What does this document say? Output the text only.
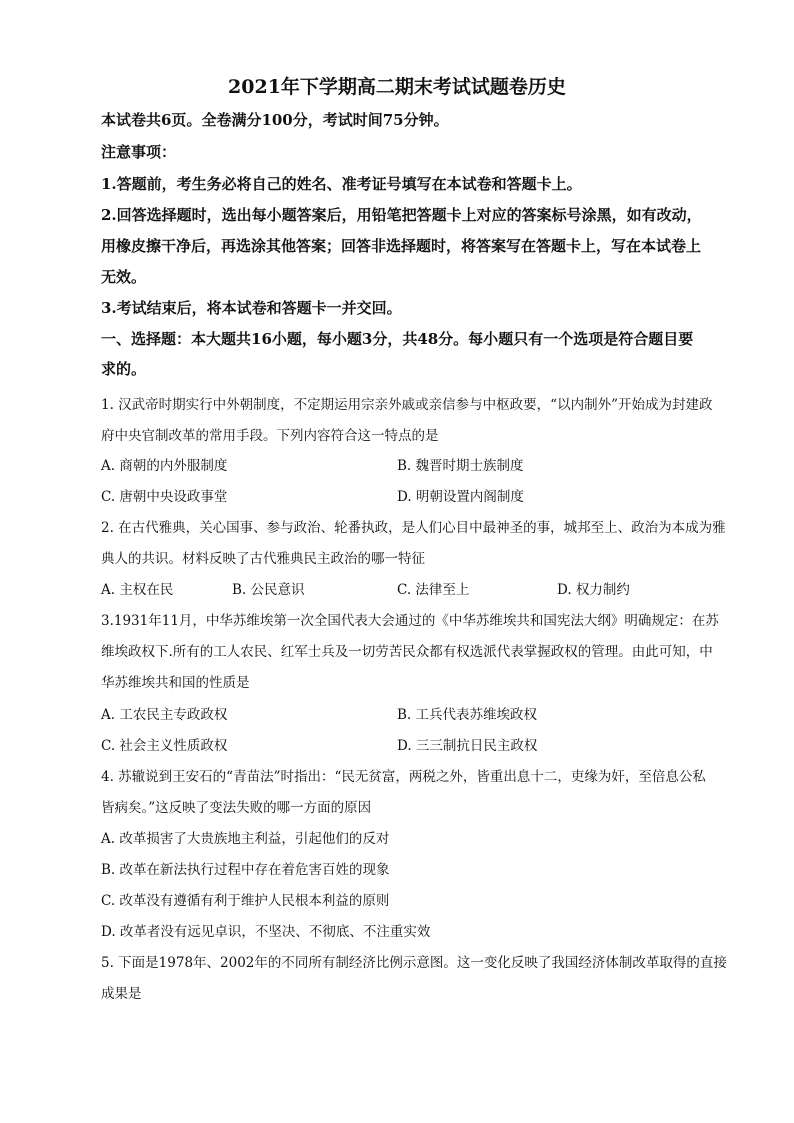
2021年下学期高二期末考试试题卷历史
本试卷共6页。全卷满分100分，考试时间75分钟。
注意事项：
1.答题前，考生务必将自己的姓名、准考证号填写在本试卷和答题卡上。
2.回答选择题时，选出每小题答案后，用铅笔把答题卡上对应的答案标号涂黑，如有改动，
用橡皮擦干净后，再选涂其他答案；回答非选择题时，将答案写在答题卡上，写在本试卷上
无效。
3.考试结束后，将本试卷和答题卡一并交回。
一、选择题：本大题共16小题，每小题3分，共48分。每小题只有一个选项是符合题目要
求的。
1. 汉武帝时期实行中外朝制度，不定期运用宗亲外戚或亲信参与中枢政要，“以内制外”开始成为封建政
府中央官制改革的常用手段。下列内容符合这一特点的是
A. 商朝的内外服制度	B. 魏晋时期士族制度
C. 唐朝中央设政事堂	D. 明朝设置内阁制度
2. 在古代雅典，关心国事、参与政治、轮番执政，是人们心目中最神圣的事，城邦至上、政治为本成为雅
典人的共识。材料反映了古代雅典民主政治的哪一特征
A. 主权在民	B. 公民意识	C. 法律至上	D. 权力制约
3.1931年11月，中华苏维埃第一次全国代表大会通过的《中华苏维埃共和国宪法大纲》明确规定：在苏
维埃政权下.所有的工人农民、红军士兵及一切劳苦民众都有权选派代表掌握政权的管理。由此可知，中
华苏维埃共和国的性质是
A. 工农民主专政政权	B. 工兵代表苏维埃政权
C. 社会主义性质政权	D. 三三制抗日民主政权
4. 苏辙说到王安石的“青苗法”时指出：“民无贫富，两税之外，皆重出息十二，吏缘为奸，至倍息公私
皆病矣。”这反映了变法失败的哪一方面的原因
A. 改革损害了大贵族地主利益，引起他们的反对
B. 改革在新法执行过程中存在着危害百姓的现象
C. 改革没有遵循有利于维护人民根本利益的原则
D. 改革者没有远见卓识，不坚决、不彻底、不注重实效
5. 下面是1978年、2002年的不同所有制经济比例示意图。这一变化反映了我国经济体制改革取得的直接
成果是
